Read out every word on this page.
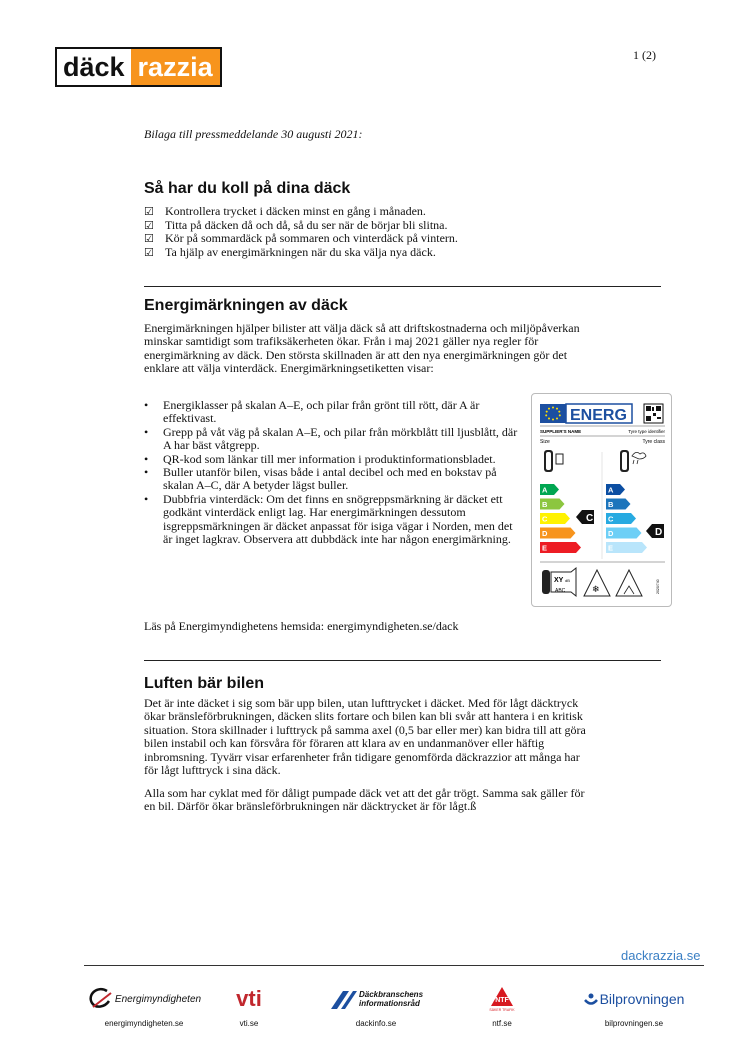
däck razzia	1 (2)
Bilaga till pressmeddelande 30 augusti 2021:
Så har du koll på dina däck
☑ Kontrollera trycket i däcken minst en gång i månaden.
☑ Titta på däcken då och då, så du ser när de börjar bli slitna.
☑ Kör på sommardäck på sommaren och vinterdäck på vintern.
☑ Ta hjälp av energimärkningen när du ska välja nya däck.
Energimärkningen av däck
Energimärkningen hjälper bilister att välja däck så att driftskostnaderna och miljöpåverkan
minskar samtidigt som trafiksäkerheten ökar. Från i maj 2021 gäller nya regler för
energimärkning av däck. Den största skillnaden är att den nya energimärkningen gör det
enklare att välja vinterdäck. Energimärkningsetiketten visar:
•	Energiklasser på skalan A–E, och pilar från grönt till rött, där A är effektivast.
•	Grepp på våt väg på skalan A–E, och pilar från mörkblått till ljusblått, där A har bäst våtgrepp.
•	QR-kod som länkar till mer information i produktinformationsbladet.
•	Buller utanför bilen, visas både i antal decibel och med en bokstav på skalan A–C, där A betyder lägst buller.
•	Dubbfria vinterdäck: Om det finns en snögreppsmärkning är däcket ett godkänt vinterdäck enligt lag. Har energimärkningen dessutom isgreppsmärkningen är däcket anpassat för isiga vägar i Norden, men det är inget lagkrav. Observera att dubbdäck inte har någon energimärkning.
ENERG
SUPPLIER'S NAME	Tyre type identifier
Size	Tyre class
A
B
C
D
E
A
B
C
D
E
C
D
XY dB
ABC	❄	2020/740
Läs på Energimyndighetens hemsida: energimyndigheten.se/dack
Luften bär bilen
Det är inte däcket i sig som bär upp bilen, utan lufttrycket i däcket. Med för lågt däcktryck
ökar bränsleförbrukningen, däcken slits fortare och bilen kan bli svår att hantera i en kritisk
situation. Stora skillnader i lufttryck på samma axel (0,5 bar eller mer) kan bidra till att göra
bilen instabil och kan försvåra för föraren att klara av en undanmanöver eller häftig
inbromsning. Tyvärr visar erfarenheter från tidigare genomförda däckrazzior att många har
för lågt lufttryck i sina däck.
Alla som har cyklat med för dåligt pumpade däck vet att det går trögt. Samma sak gäller för
en bil. Därför ökar bränsleförbrukningen när däcktrycket är för lågt.ß
dackrazzia.se
Energimyndigheten
energimyndigheten.se
vti
vti.se
Däckbranschens
informationsråd
dackinfo.se
NTF
SÄKER TRAFIK
ntf.se
Bilprovningen
bilprovningen.se
